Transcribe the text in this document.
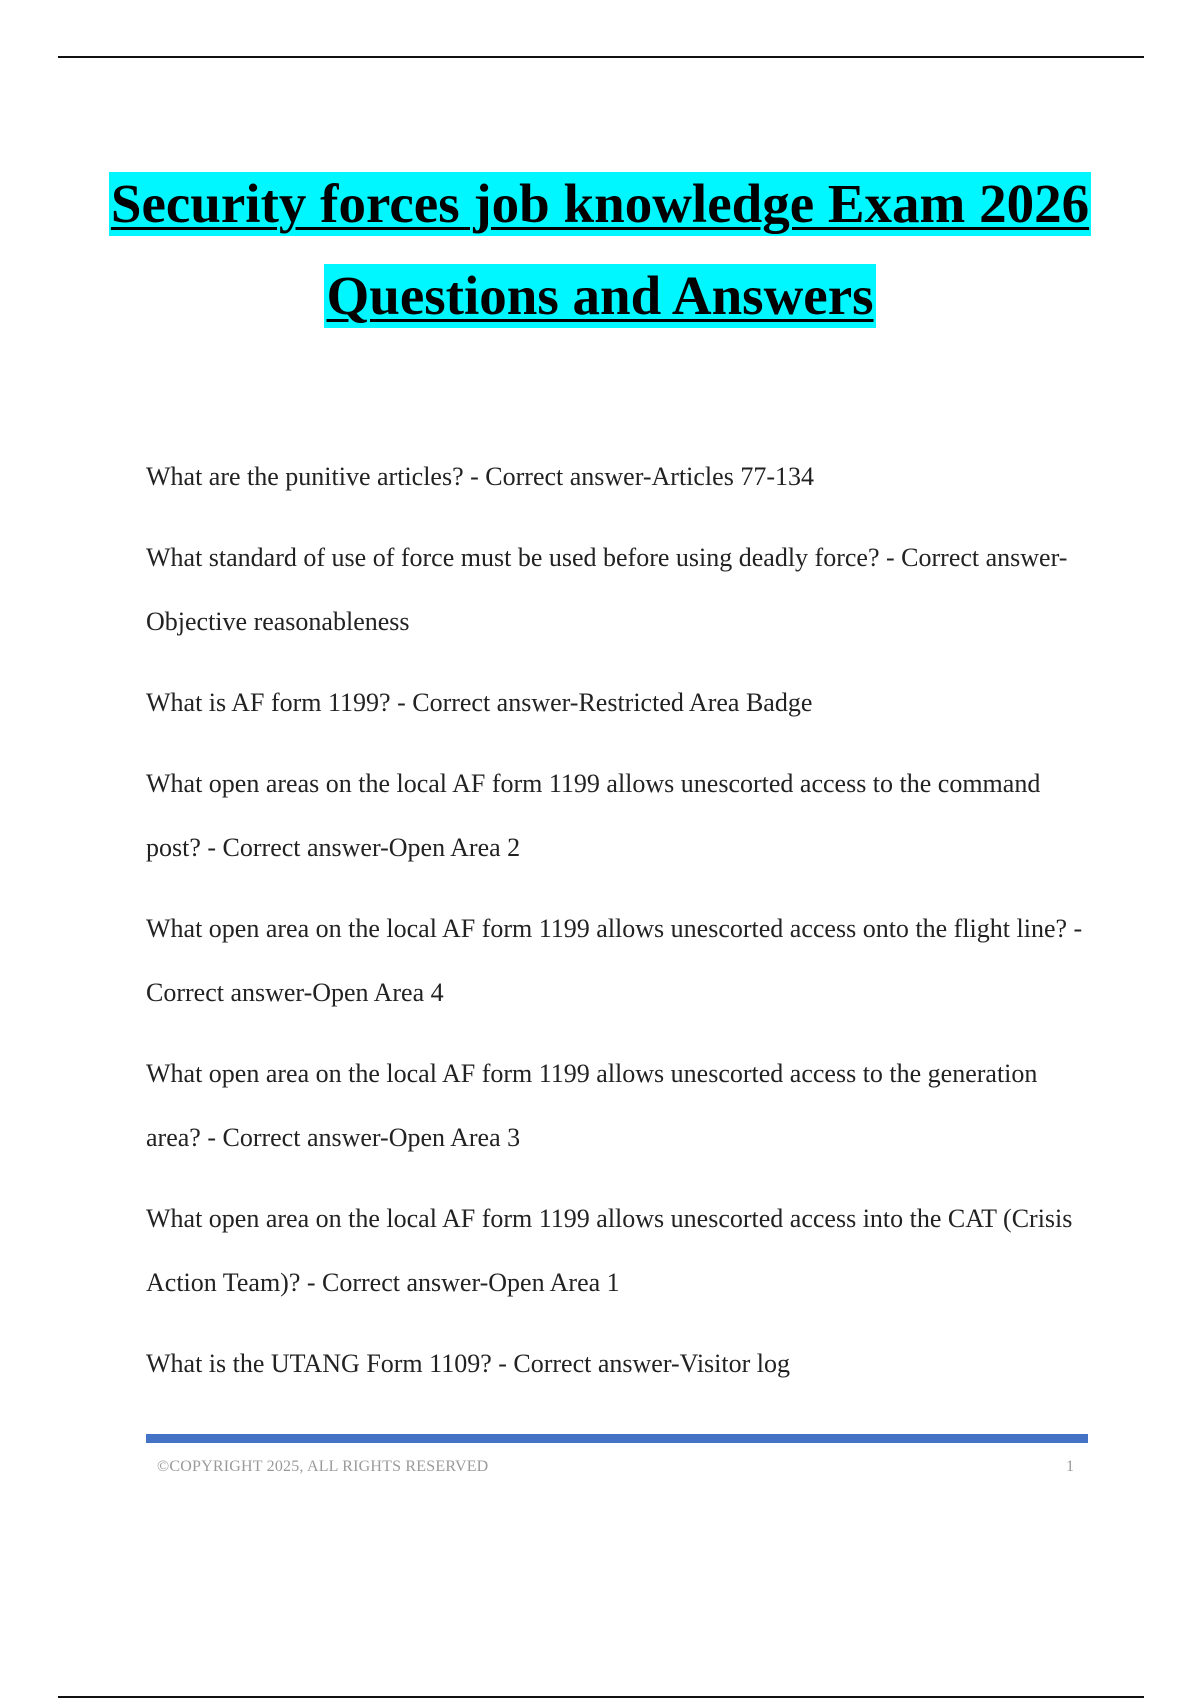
Security forces job knowledge Exam 2026
Questions and Answers
What are the punitive articles? - Correct answer-Articles 77-134
What standard of use of force must be used before using deadly force? - Correct answer-Objective reasonableness
What is AF form 1199? - Correct answer-Restricted Area Badge
What open areas on the local AF form 1199 allows unescorted access to the command post? - Correct answer-Open Area 2
What open area on the local AF form 1199 allows unescorted access onto the flight line? - Correct answer-Open Area 4
What open area on the local AF form 1199 allows unescorted access to the generation area? - Correct answer-Open Area 3
What open area on the local AF form 1199 allows unescorted access into the CAT (Crisis Action Team)? - Correct answer-Open Area 1
What is the UTANG Form 1109? - Correct answer-Visitor log
©COPYRIGHT 2025, ALL RIGHTS RESERVED	1
